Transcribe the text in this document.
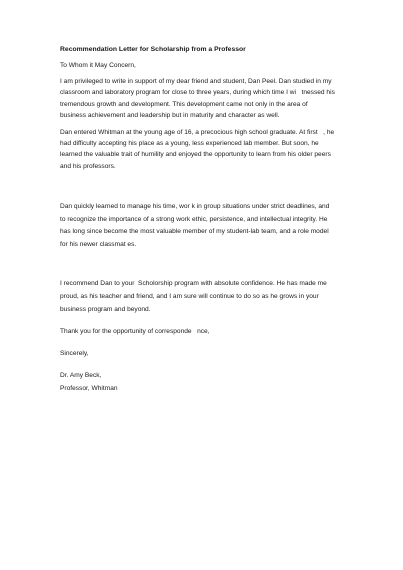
Recommendation Letter for Scholarship from a Professor
To Whom it May Concern,
I am privileged to write in support of my dear friend and student, Dan Peel. Dan studied in my
classroom and laboratory program for close to three years, during which time I wi   tnessed his
tremendous growth and development. This development came not only in the area of
business achievement and leadership but in maturity and character as well.
Dan entered Whitman at the young age of 16, a precocious high school graduate. At first   , he
had difficulty accepting his place as a young, less experienced lab member. But soon, he
learned the valuable trait of humility and enjoyed the opportunity to learn from his older peers
and his professors.
Dan quickly learned to manage his time, wor k in group situations under strict deadlines, and
to recognize the importance of a strong work ethic, persistence, and intellectual integrity. He
has long since become the most valuable member of my student-lab team, and a role model
for his newer classmat es.
I recommend Dan to your  Scholorship program with absolute confidence. He has made me
proud, as his teacher and friend, and I am sure will continue to do so as he grows in your
business program and beyond.
Thank you for the opportunity of corresponde   nce,
Sincerely,
Dr. Amy Beck,
Professor, Whitman
